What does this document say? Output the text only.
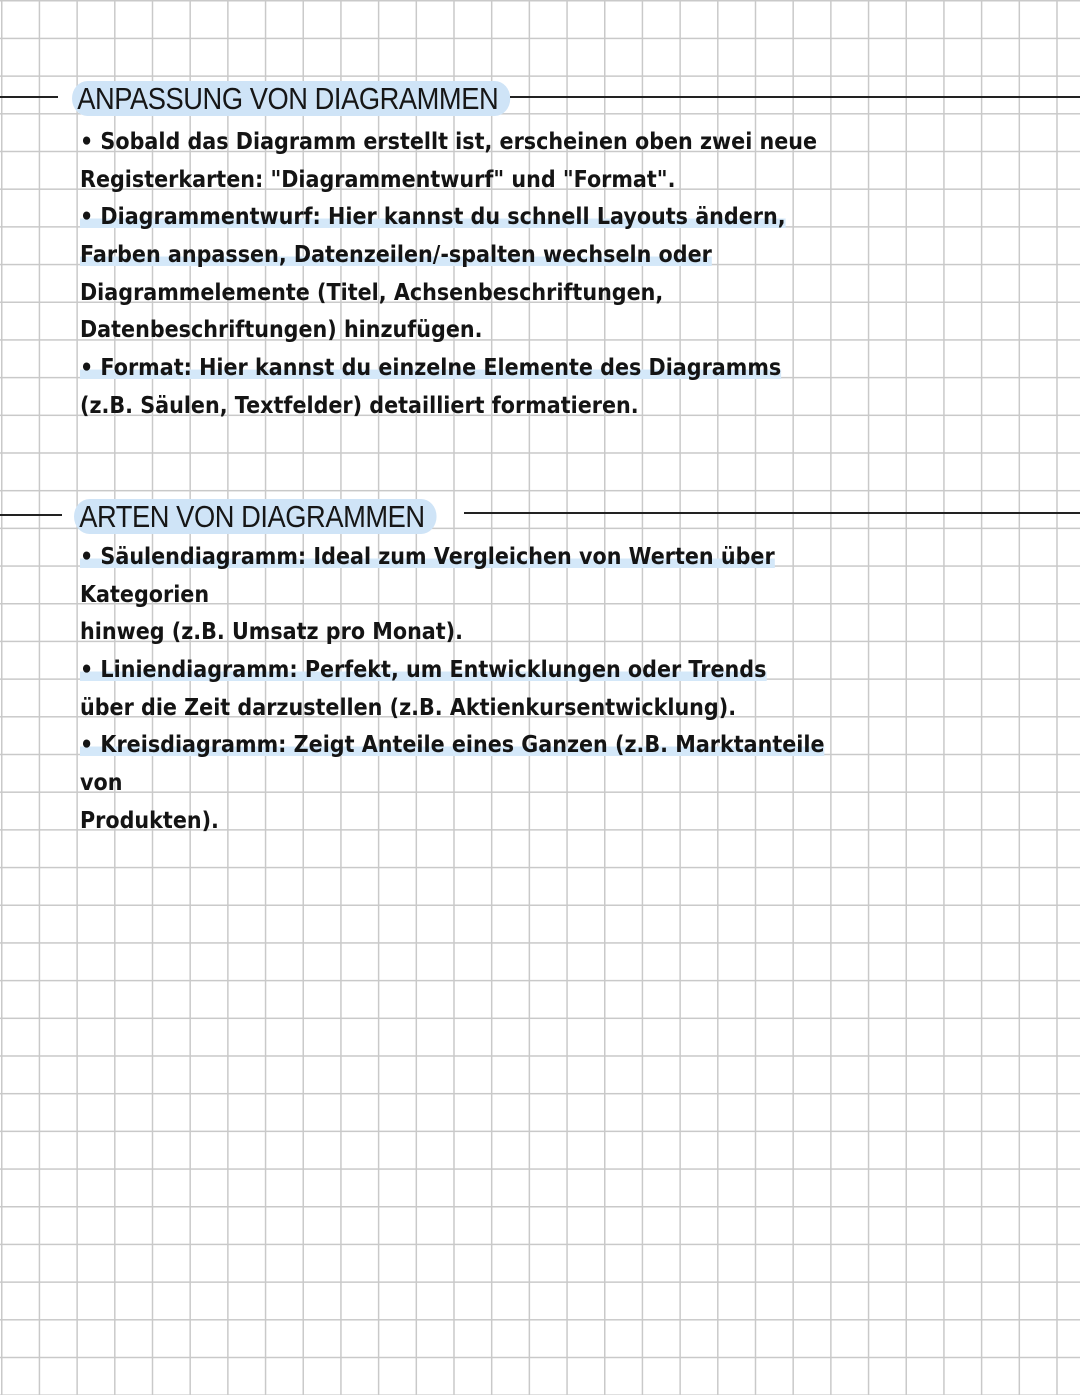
ANPASSUNG VON DIAGRAMMEN
• Sobald das Diagramm erstellt ist, erscheinen oben zwei neue
Registerkarten: "Diagrammentwurf" und "Format".
• Diagrammentwurf: Hier kannst du schnell Layouts ändern,
Farben anpassen, Datenzeilen/-spalten wechseln oder
Diagrammelemente (Titel, Achsenbeschriftungen,
Datenbeschriftungen) hinzufügen.
• Format: Hier kannst du einzelne Elemente des Diagramms
(z.B. Säulen, Textfelder) detailliert formatieren.
ARTEN VON DIAGRAMMEN
• Säulendiagramm: Ideal zum Vergleichen von Werten über
Kategorien
hinweg (z.B. Umsatz pro Monat).
• Liniendiagramm: Perfekt, um Entwicklungen oder Trends
über die Zeit darzustellen (z.B. Aktienkursentwicklung).
• Kreisdiagramm: Zeigt Anteile eines Ganzen (z.B. Marktanteile
von
Produkten).
